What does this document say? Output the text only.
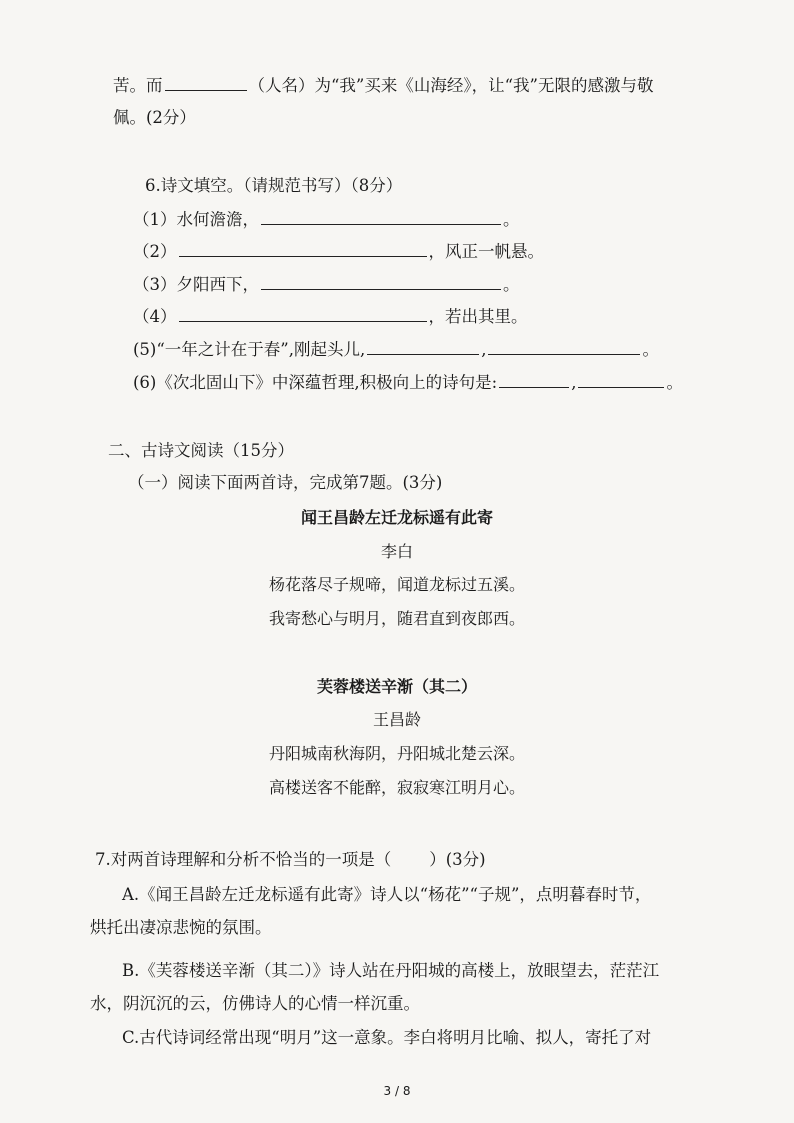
苦。而	（人名）为“我”买来《山海经》，让“我”无限的感激与敬
佩。(2分）
6.诗文填空。（请规范书写）（8分）
（1）水何澹澹，	。
（2）	，风正一帆悬。
（3）夕阳西下，	。
（4）	，若出其里。
(5)“一年之计在于春”,刚起头儿,	,	。
(6)《次北固山下》中深蕴哲理,积极向上的诗句是:	,	。
二、古诗文阅读（15分）
（一）阅读下面两首诗，完成第7题。(3分)
闻王昌龄左迁龙标遥有此寄
李白
杨花落尽子规啼，闻道龙标过五溪。
我寄愁心与明月，随君直到夜郎西。
芙蓉楼送辛渐（其二）
王昌龄
丹阳城南秋海阴，丹阳城北楚云深。
高楼送客不能醉，寂寂寒江明月心。
7.对两首诗理解和分析不恰当的一项是（ ）(3分)
A.《闻王昌龄左迁龙标遥有此寄》诗人以“杨花”“子规”，点明暮春时节，
烘托出凄凉悲惋的氛围。
B.《芙蓉楼送辛渐（其二）》诗人站在丹阳城的高楼上，放眼望去，茫茫江
水，阴沉沉的云，仿佛诗人的心情一样沉重。
C.古代诗词经常出现“明月”这一意象。李白将明月比喻、拟人，寄托了对
3 / 8
